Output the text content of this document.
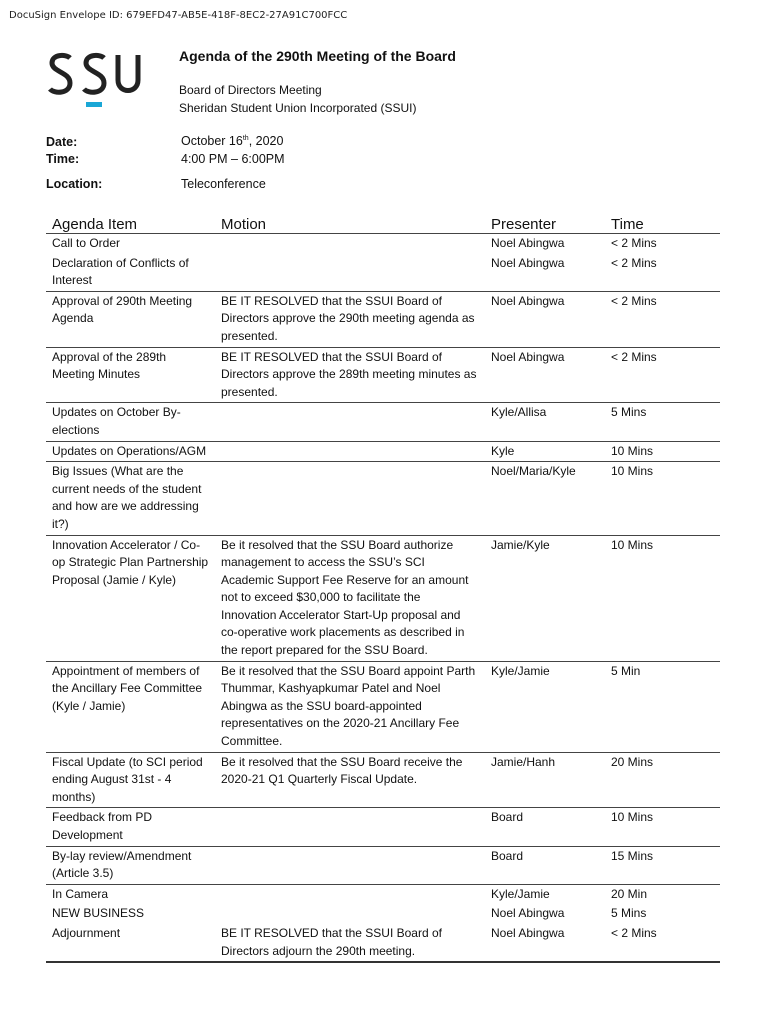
DocuSign Envelope ID: 679EFD47-AB5E-418F-8EC2-27A91C700FCC
Agenda of the 290th Meeting of the Board
Board of Directors Meeting
Sheridan Student Union Incorporated (SSUI)
Date:	October 16th, 2020
Time:	4:00 PM – 6:00PM
Location:	Teleconference
Agenda Item	Motion	Presenter	Time
Call to Order		Noel Abingwa	< 2 Mins
Declaration of Conflicts of Interest		Noel Abingwa	< 2 Mins
Approval of 290th Meeting Agenda	BE IT RESOLVED that the SSUI Board of Directors approve the 290th meeting agenda as presented.	Noel Abingwa	< 2 Mins
Approval of the 289th Meeting Minutes	BE IT RESOLVED that the SSUI Board of Directors approve the 289th meeting minutes as presented.	Noel Abingwa	< 2 Mins
Updates on October By-elections		Kyle/Allisa	5 Mins
Updates on Operations/AGM		Kyle	10 Mins
Big Issues (What are the current needs of the student and how are we addressing it?)		Noel/Maria/Kyle	10 Mins
Innovation Accelerator / Co-op Strategic Plan Partnership Proposal (Jamie / Kyle)	Be it resolved that the SSU Board authorize management to access the SSU’s SCI Academic Support Fee Reserve for an amount not to exceed $30,000 to facilitate the Innovation Accelerator Start-Up proposal and co-operative work placements as described in the report prepared for the SSU Board.	Jamie/Kyle	10 Mins
Appointment of members of the Ancillary Fee Committee (Kyle / Jamie)	Be it resolved that the SSU Board appoint Parth Thummar, Kashyapkumar Patel and Noel Abingwa as the SSU board-appointed representatives on the 2020-21 Ancillary Fee Committee.	Kyle/Jamie	5 Min
Fiscal Update (to SCI period ending August 31st - 4 months)	Be it resolved that the SSU Board receive the 2020-21 Q1 Quarterly Fiscal Update.	Jamie/Hanh	20 Mins
Feedback from PD Development		Board	10 Mins
By-lay review/Amendment (Article 3.5)		Board	15 Mins
In Camera		Kyle/Jamie	20 Min
NEW BUSINESS		Noel Abingwa	5 Mins
Adjournment	BE IT RESOLVED that the SSUI Board of Directors adjourn the 290th meeting.	Noel Abingwa	< 2 Mins
